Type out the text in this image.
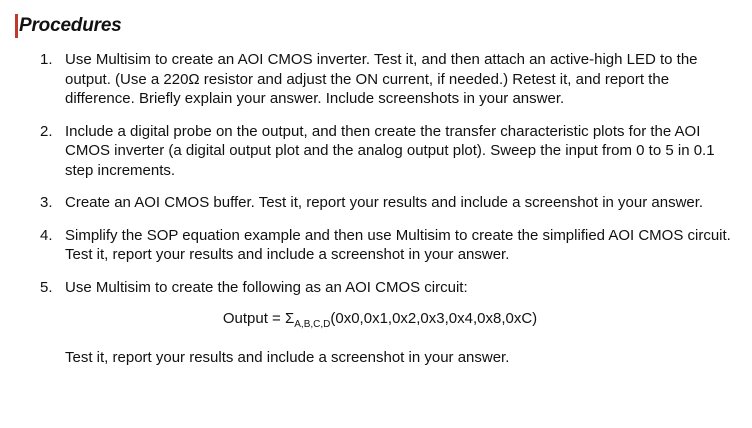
Procedures
1. Use Multisim to create an AOI CMOS inverter. Test it, and then attach an active-high LED to the output. (Use a 220Ω resistor and adjust the ON current, if needed.) Retest it, and report the difference. Briefly explain your answer. Include screenshots in your answer.
2. Include a digital probe on the output, and then create the transfer characteristic plots for the AOI CMOS inverter (a digital output plot and the analog output plot). Sweep the input from 0 to 5 in 0.1 step increments.
3. Create an AOI CMOS buffer. Test it, report your results and include a screenshot in your answer.
4. Simplify the SOP equation example and then use Multisim to create the simplified AOI CMOS circuit. Test it, report your results and include a screenshot in your answer.
5. Use Multisim to create the following as an AOI CMOS circuit:
Output = $\Sigma_{A,B,C,D}(0x0,0x1,0x2,0x3,0x4,0x8,0xC)$
Test it, report your results and include a screenshot in your answer.
